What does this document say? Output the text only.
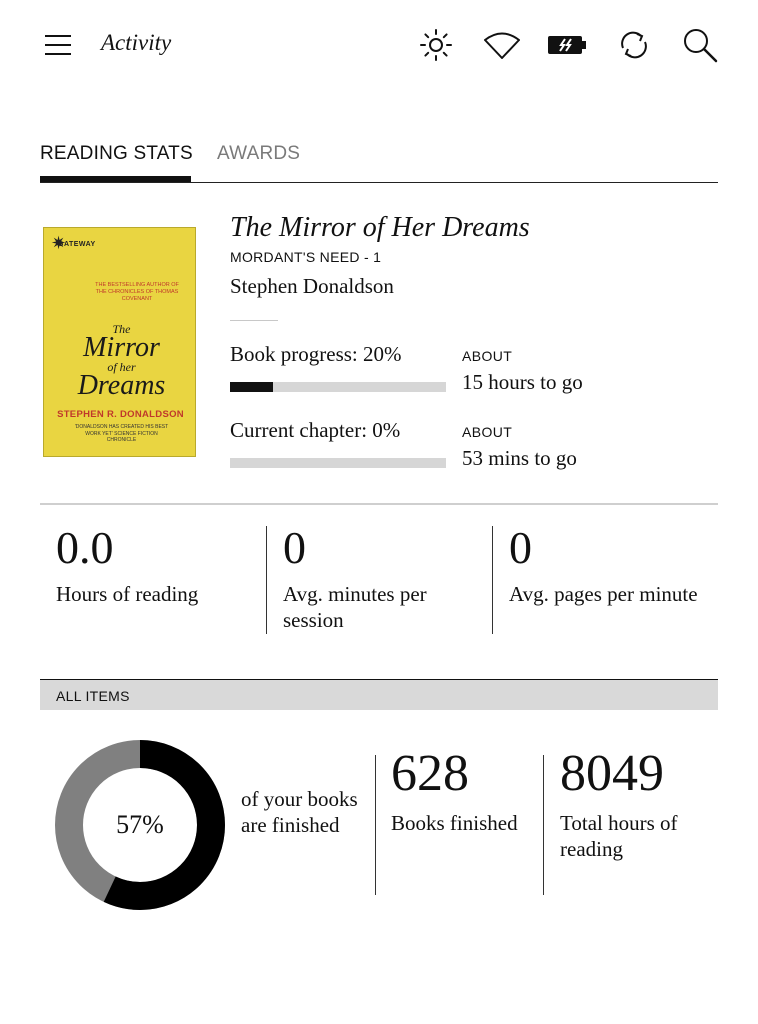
Activity
READING STATS AWARDS
✷
GATEWAY
THE BESTSELLING AUTHOR OF THE CHRONICLES OF THOMAS COVENANT
The
Mirror
of her
Dreams
STEPHEN R. DONALDSON
'DONALDSON HAS CREATED HIS BEST WORK YET' SCIENCE FICTION CHRONICLE
The Mirror of Her Dreams
MORDANT'S NEED - 1
Stephen Donaldson
Book progress: 20%	ABOUT
15 hours to go
Current chapter: 0%	ABOUT
53 mins to go
0.0
Hours of reading
0
Avg. minutes per session
0
Avg. pages per minute
ALL ITEMS
57%
of your books are finished
628
Books finished
8049
Total hours of reading
